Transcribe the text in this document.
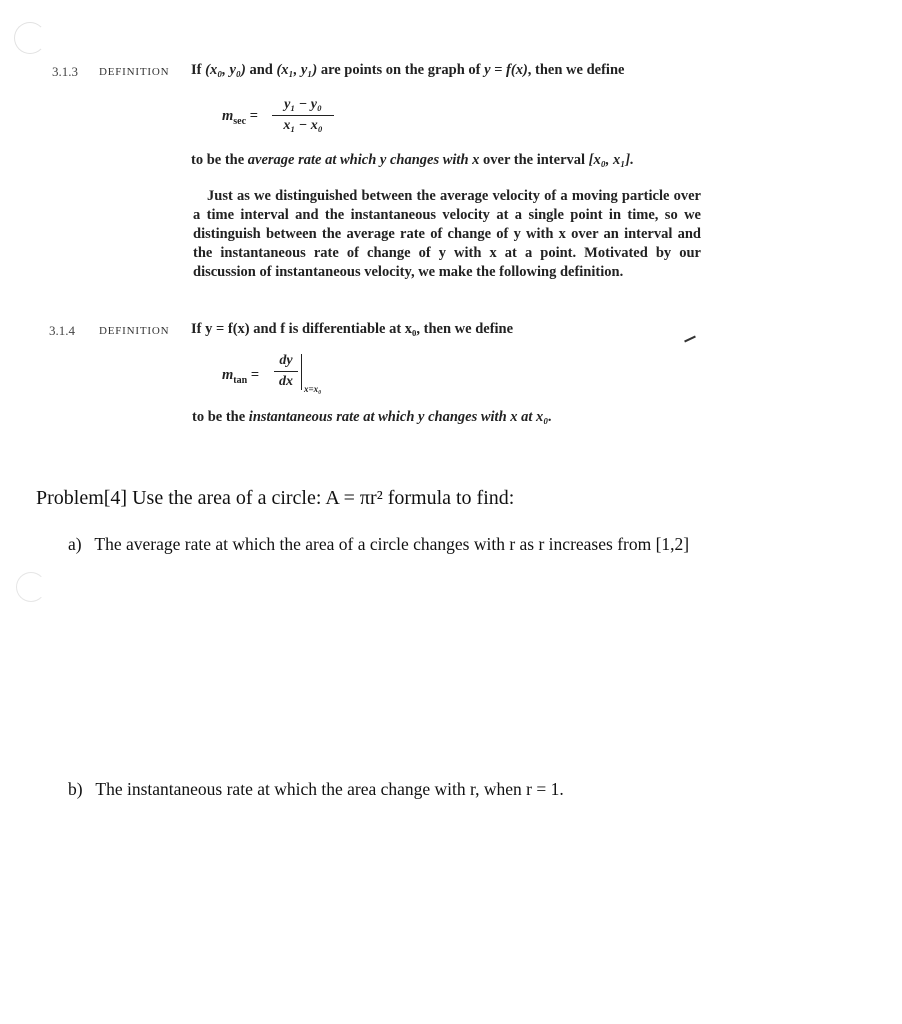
3.1.3 DEFINITION If (x₀, y₀) and (x₁, y₁) are points on the graph of y = f(x), then we define
$m_{sec}$ =
y₁ − y₀
x₁ − x₀
to be the average rate at which y changes with x over the interval [x₀, x₁].

Just as we distinguished between the average velocity of a moving particle over a time interval and the instantaneous velocity at a single point in time, so we distinguish between the average rate of change of y with x over an interval and the instantaneous rate of change of y with x at a point. Motivated by our discussion of instantaneous velocity, we make the following definition.

3.1.4 DEFINITION If y = f(x) and f is differentiable at x₀, then we define
$m_{tan}$ =
dy
dx	x=x₀
to be the instantaneous rate at which y changes with x at x₀.
Problem[4] Use the area of a circle: A = πr² formula to find:
a) The average rate at which the area of a circle changes with r as r increases from [1,2]
b) The instantaneous rate at which the area change with r, when r = 1.
